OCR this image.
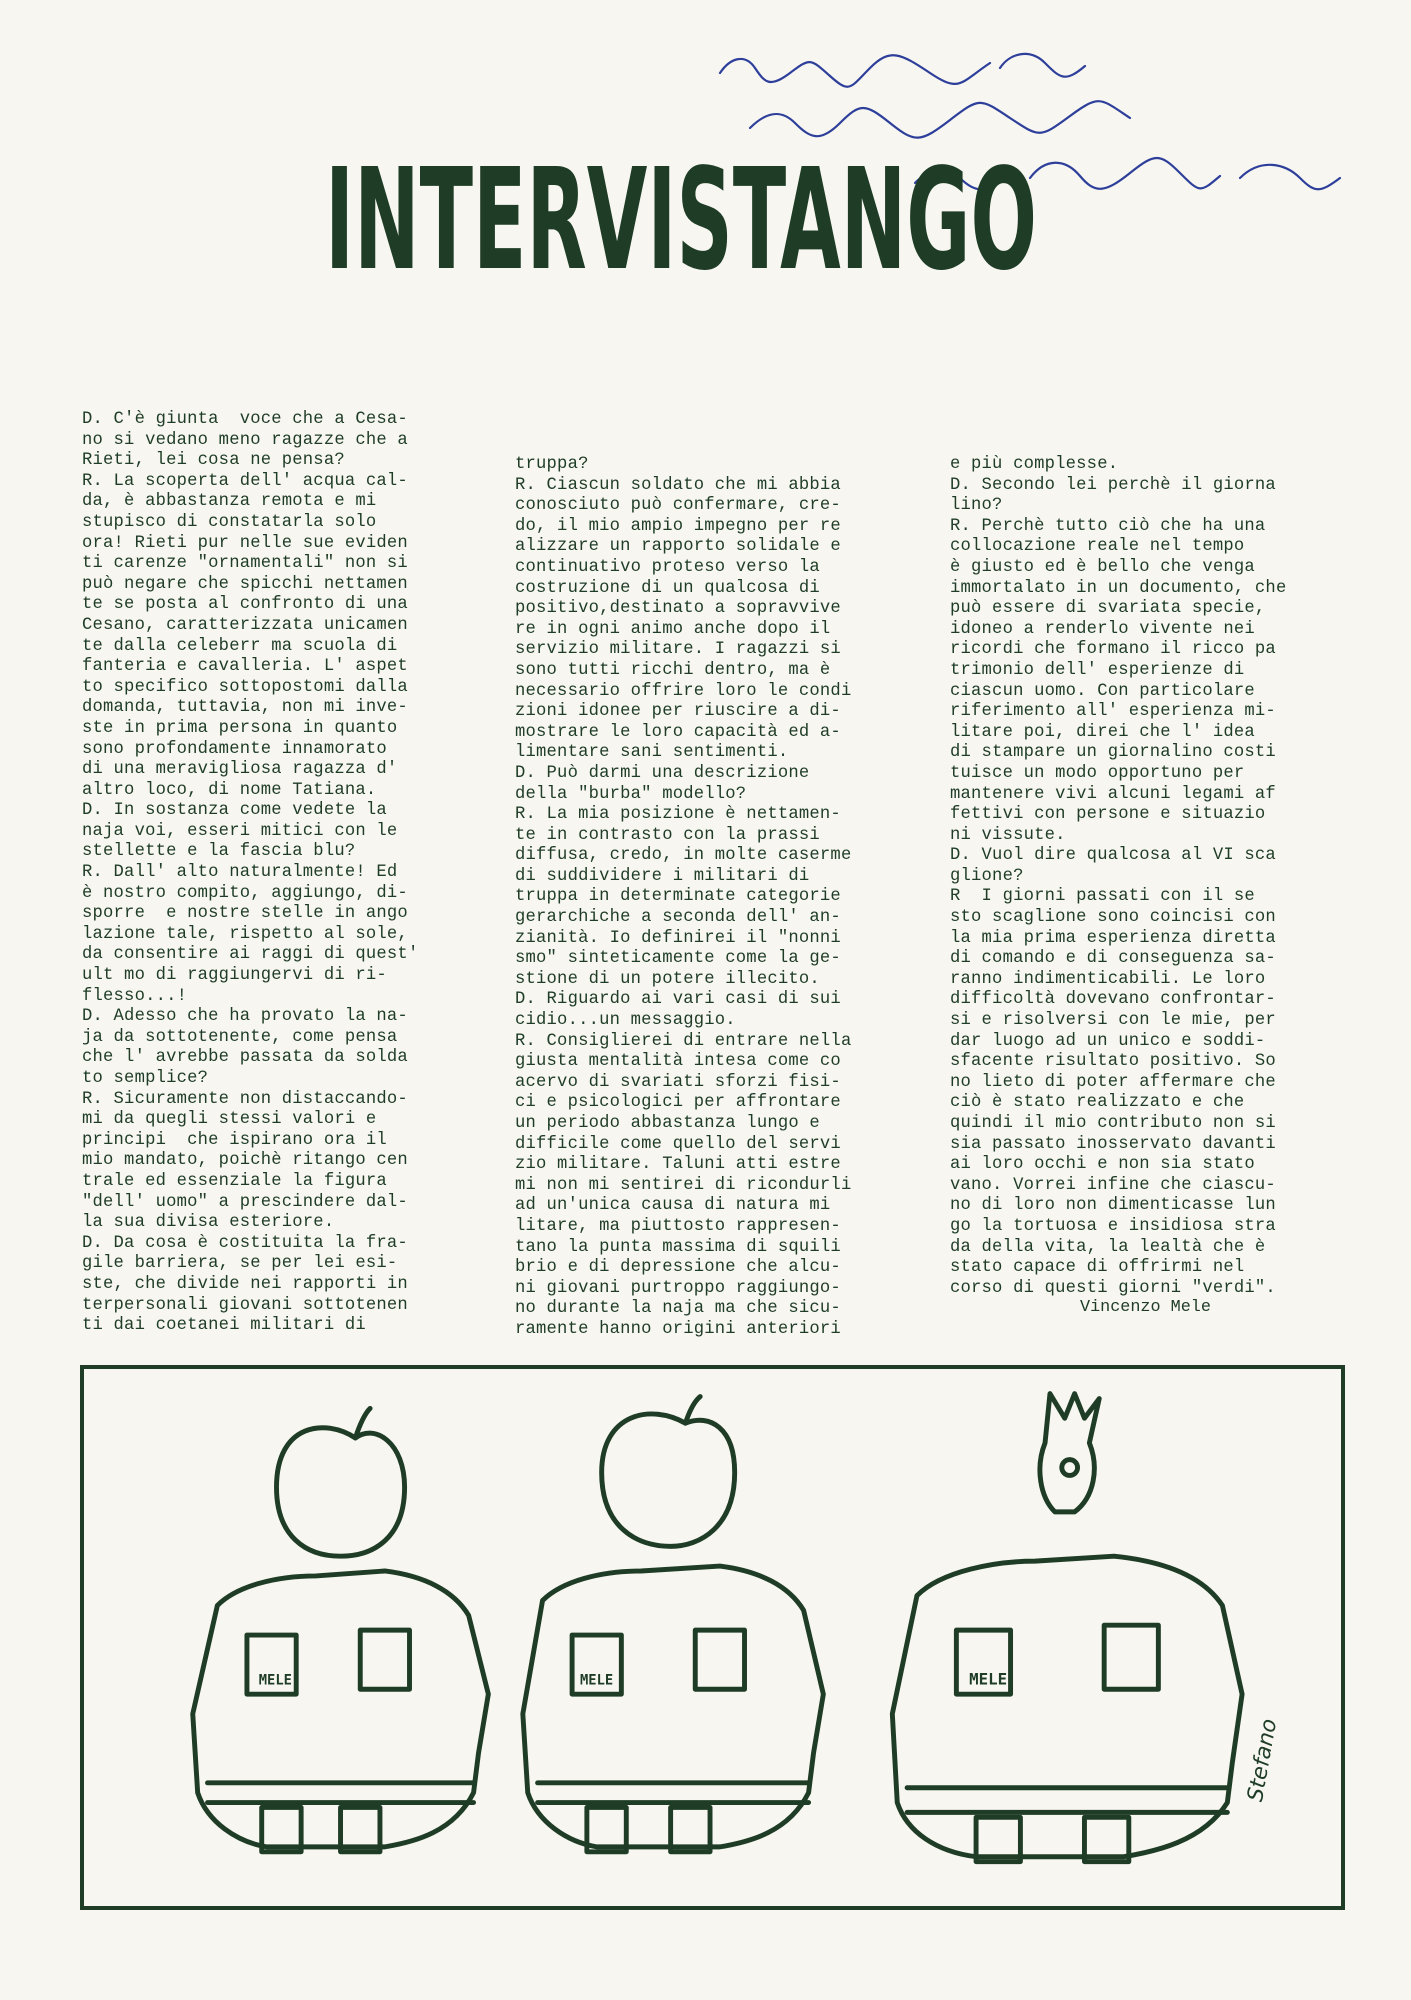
INTERVISTANGO
D. C'è giunta  voce che a Cesa-
no si vedano meno ragazze che a
Rieti, lei cosa ne pensa?
R. La scoperta dell' acqua cal-
da, è abbastanza remota e mi
stupisco di constatarla solo
ora! Rieti pur nelle sue eviden
ti carenze "ornamentali" non si
può negare che spicchi nettamen
te se posta al confronto di una
Cesano, caratterizzata unicamen
te dalla celeberr ma scuola di
fanteria e cavalleria. L' aspet
to specifico sottopostomi dalla
domanda, tuttavia, non mi inve-
ste in prima persona in quanto
sono profondamente innamorato
di una meravigliosa ragazza d'
altro loco, di nome Tatiana.
D. In sostanza come vedete la
naja voi, esseri mitici con le
stellette e la fascia blu?
R. Dall' alto naturalmente! Ed
è nostro compito, aggiungo, di-
sporre  e nostre stelle in ango
lazione tale, rispetto al sole,
da consentire ai raggi di quest'
ult mo di raggiungervi di ri-
flesso...!
D. Adesso che ha provato la na-
ja da sottotenente, come pensa
che l' avrebbe passata da solda
to semplice?
R. Sicuramente non distaccando-
mi da quegli stessi valori e
principi  che ispirano ora il
mio mandato, poichè ritango cen
trale ed essenziale la figura
"dell' uomo" a prescindere dal-
la sua divisa esteriore.
D. Da cosa è costituita la fra-
gile barriera, se per lei esi-
ste, che divide nei rapporti in
terpersonali giovani sottotenen
ti dai coetanei militari di
truppa?
R. Ciascun soldato che mi abbia
conosciuto può confermare, cre-
do, il mio ampio impegno per re
alizzare un rapporto solidale e
continuativo proteso verso la
costruzione di un qualcosa di
positivo,destinato a sopravvive
re in ogni animo anche dopo il
servizio militare. I ragazzi si
sono tutti ricchi dentro, ma è
necessario offrire loro le condi
zioni idonee per riuscire a di-
mostrare le loro capacità ed a-
limentare sani sentimenti.
D. Può darmi una descrizione
della "burba" modello?
R. La mia posizione è nettamen-
te in contrasto con la prassi
diffusa, credo, in molte caserme
di suddividere i militari di
truppa in determinate categorie
gerarchiche a seconda dell' an-
zianità. Io definirei il "nonni
smo" sinteticamente come la ge-
stione di un potere illecito.
D. Riguardo ai vari casi di sui
cidio...un messaggio.
R. Consiglierei di entrare nella
giusta mentalità intesa come co
acervo di svariati sforzi fisi-
ci e psicologici per affrontare
un periodo abbastanza lungo e
difficile come quello del servi
zio militare. Taluni atti estre
mi non mi sentirei di ricondurli
ad un'unica causa di natura mi
litare, ma piuttosto rappresen-
tano la punta massima di squili
brio e di depressione che alcu-
ni giovani purtroppo raggiungo-
no durante la naja ma che sicu-
ramente hanno origini anteriori
e più complesse.
D. Secondo lei perchè il giorna
lino?
R. Perchè tutto ciò che ha una
collocazione reale nel tempo
è giusto ed è bello che venga
immortalato in un documento, che
può essere di svariata specie,
idoneo a renderlo vivente nei
ricordi che formano il ricco pa
trimonio dell' esperienze di
ciascun uomo. Con particolare
riferimento all' esperienza mi-
litare poi, direi che l' idea
di stampare un giornalino costi
tuisce un modo opportuno per
mantenere vivi alcuni legami af
fettivi con persone e situazio
ni vissute.
D. Vuol dire qualcosa al VI sca
glione?
R  I giorni passati con il se
sto scaglione sono coincisi con
la mia prima esperienza diretta
di comando e di conseguenza sa-
ranno indimenticabili. Le loro
difficoltà dovevano confrontar-
si e risolversi con le mie, per
dar luogo ad un unico e soddi-
sfacente risultato positivo. So
no lieto di poter affermare che
ciò è stato realizzato e che
quindi il mio contributo non si
sia passato inosservato davanti
ai loro occhi e non sia stato
vano. Vorrei infine che ciascu-
no di loro non dimenticasse lun
go la tortuosa e insidiosa stra
da della vita, la lealtà che è
stato capace di offrirmi nel
corso di questi giorni "verdi".
Vincenzo Mele
MELE	MELE	MELE
Stefano
